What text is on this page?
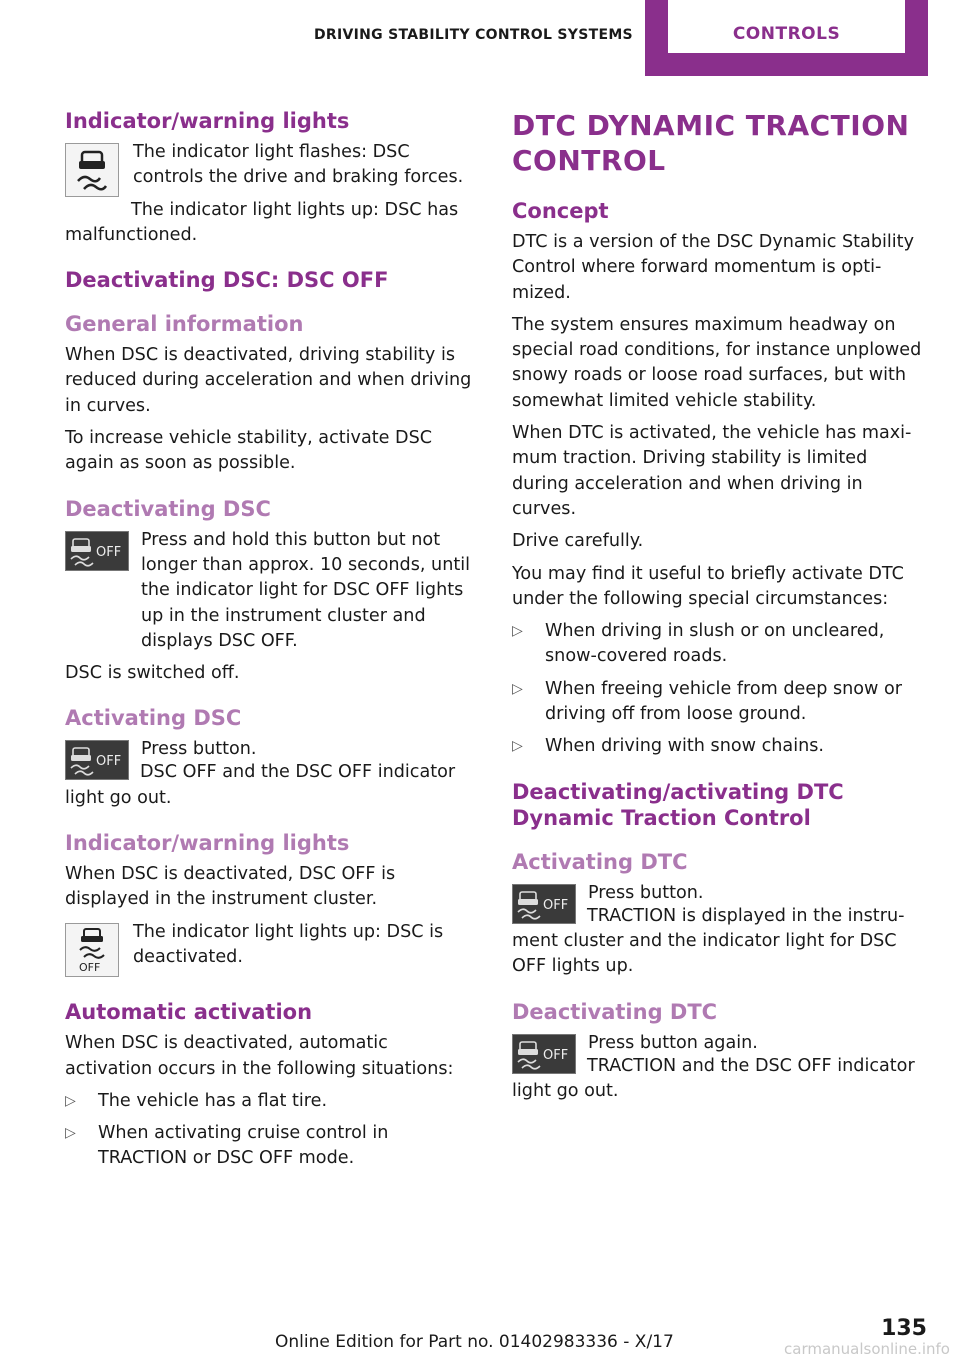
DRIVING STABILITY CONTROL SYSTEMS	CONTROLS
Indicator/warning lights

The indicator light flashes: DSC controls the drive and braking forces.

The indicator light lights up: DSC has malfunctioned.

Deactivating DSC: DSC OFF
General information

When DSC is deactivated, driving stability is reduced during acceleration and when driving in curves.

To increase vehicle stability, activate DSC again as soon as possible.

Deactivating DSC
OFF

Press and hold this button but not longer than approx. 10 seconds, until the indicator light for DSC OFF lights up in the instrument cluster and displays DSC OFF.

DSC is switched off.

Activating DSC
OFF

Press button.

DSC OFF and the DSC OFF indicator light go out.

Indicator/warning lights

When DSC is deactivated, DSC OFF is displayed in the instrument cluster.

OFF

The indicator light lights up: DSC is deactivated.

Automatic activation

When DSC is deactivated, automatic activation occurs in the following situations:

▷ The vehicle has a flat tire.
▷ When activating cruise control in TRACTION or DSC OFF mode.
DTC DYNAMIC TRACTION CONTROL
Concept

DTC is a version of the DSC Dynamic Stability Control where forward momentum is optimized.

The system ensures maximum headway on special road conditions, for instance unplowed snowy roads or loose road surfaces, but with somewhat limited vehicle stability.

When DTC is activated, the vehicle has maximum traction. Driving stability is limited during acceleration and when driving in curves.

Drive carefully.

You may find it useful to briefly activate DTC under the following special circumstances:

▷ When driving in slush or on uncleared, snow-covered roads.
▷ When freeing vehicle from deep snow or driving off from loose ground.
▷ When driving with snow chains.
Deactivating/activating DTC Dynamic Traction Control
Activating DTC
OFF

Press button.

TRACTION is displayed in the instrument cluster and the indicator light for DSC OFF lights up.

Deactivating DTC
OFF

Press button again.

TRACTION and the DSC OFF indicator light go out.

Online Edition for Part no. 01402983336 - X/17
135
carmanualsonline.info
